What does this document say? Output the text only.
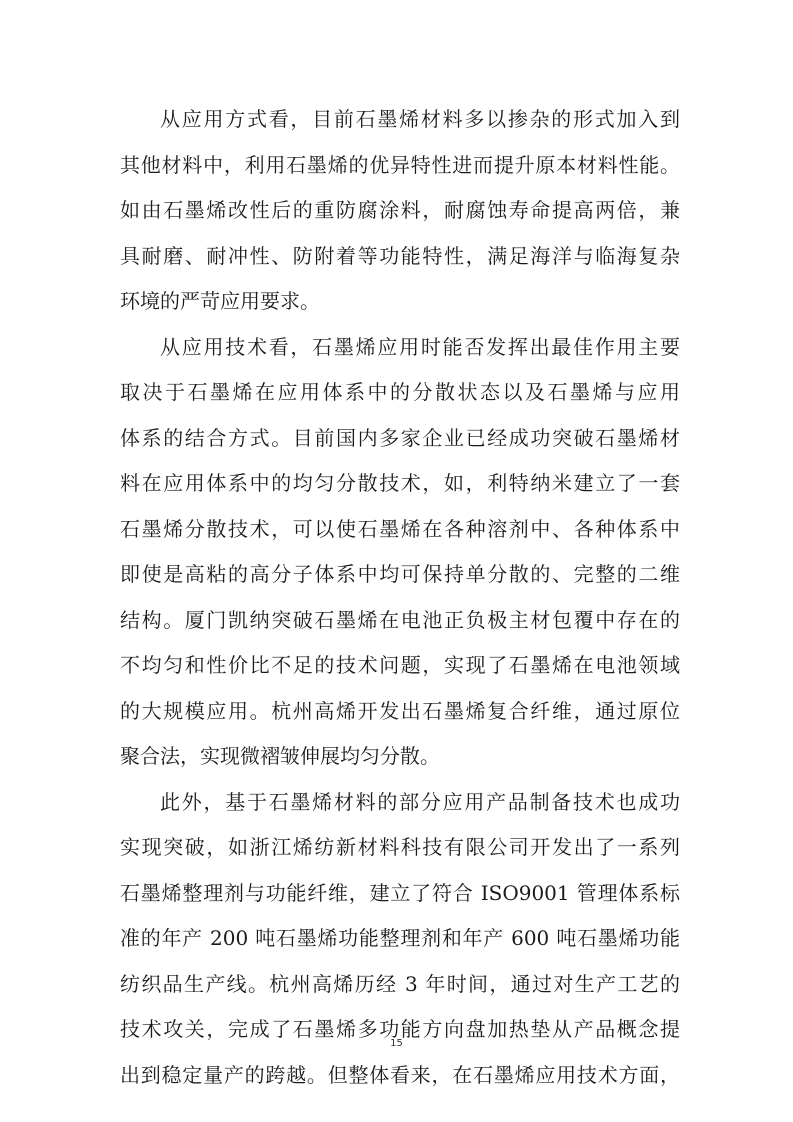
从应用方式看，目前石墨烯材料多以掺杂的形式加入到
其他材料中，利用石墨烯的优异特性进而提升原本材料性能。
如由石墨烯改性后的重防腐涂料，耐腐蚀寿命提高两倍，兼
具耐磨、耐冲性、防附着等功能特性，满足海洋与临海复杂
环境的严苛应用要求。
从应用技术看，石墨烯应用时能否发挥出最佳作用主要
取决于石墨烯在应用体系中的分散状态以及石墨烯与应用
体系的结合方式。目前国内多家企业已经成功突破石墨烯材
料在应用体系中的均匀分散技术，如，利特纳米建立了一套
石墨烯分散技术，可以使石墨烯在各种溶剂中、各种体系中
即使是高粘的高分子体系中均可保持单分散的、完整的二维
结构。厦门凯纳突破石墨烯在电池正负极主材包覆中存在的
不均匀和性价比不足的技术问题，实现了石墨烯在电池领域
的大规模应用。杭州高烯开发出石墨烯复合纤维，通过原位
聚合法，实现微褶皱伸展均匀分散。
此外，基于石墨烯材料的部分应用产品制备技术也成功
实现突破，如浙江烯纺新材料科技有限公司开发出了一系列
石墨烯整理剂与功能纤维，建立了符合 ISO9001 管理体系标
准的年产 200 吨石墨烯功能整理剂和年产 600 吨石墨烯功能
纺织品生产线。杭州高烯历经 3 年时间，通过对生产工艺的
技术攻关，完成了石墨烯多功能方向盘加热垫从产品概念提
出到稳定量产的跨越。但整体看来，在石墨烯应用技术方面，
15
